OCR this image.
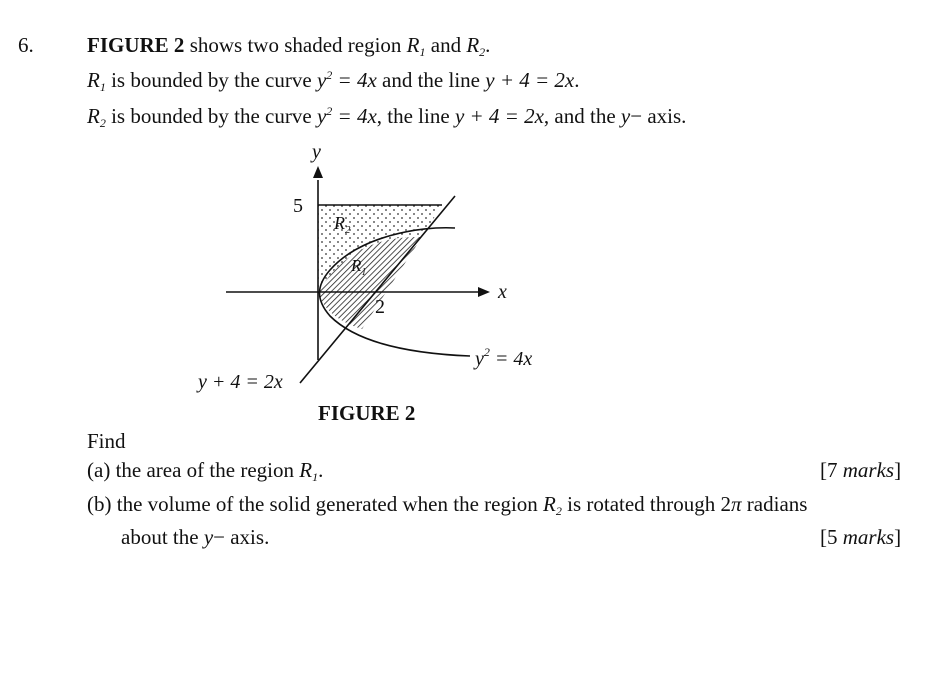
6.	FIGURE 2 shows two shaded region $R_1$ and $R_2$.
$R_1$ is bounded by the curve $y^2 = 4x$ and the line y + 4 = 2x.
$R_2$ is bounded by the curve $y^2 = 4x$, the line y + 4 = 2x, and the y− axis.
y
x
5
2
$R_2$
$R_1$
$y^2 = 4x$
y + 4 = 2x
FIGURE 2
Find
(a) the area of the region $R_1$.	[7 marks]
(b) the volume of the solid generated when the region $R_2$ is rotated through 2π radians
about the y− axis.	[5 marks]
